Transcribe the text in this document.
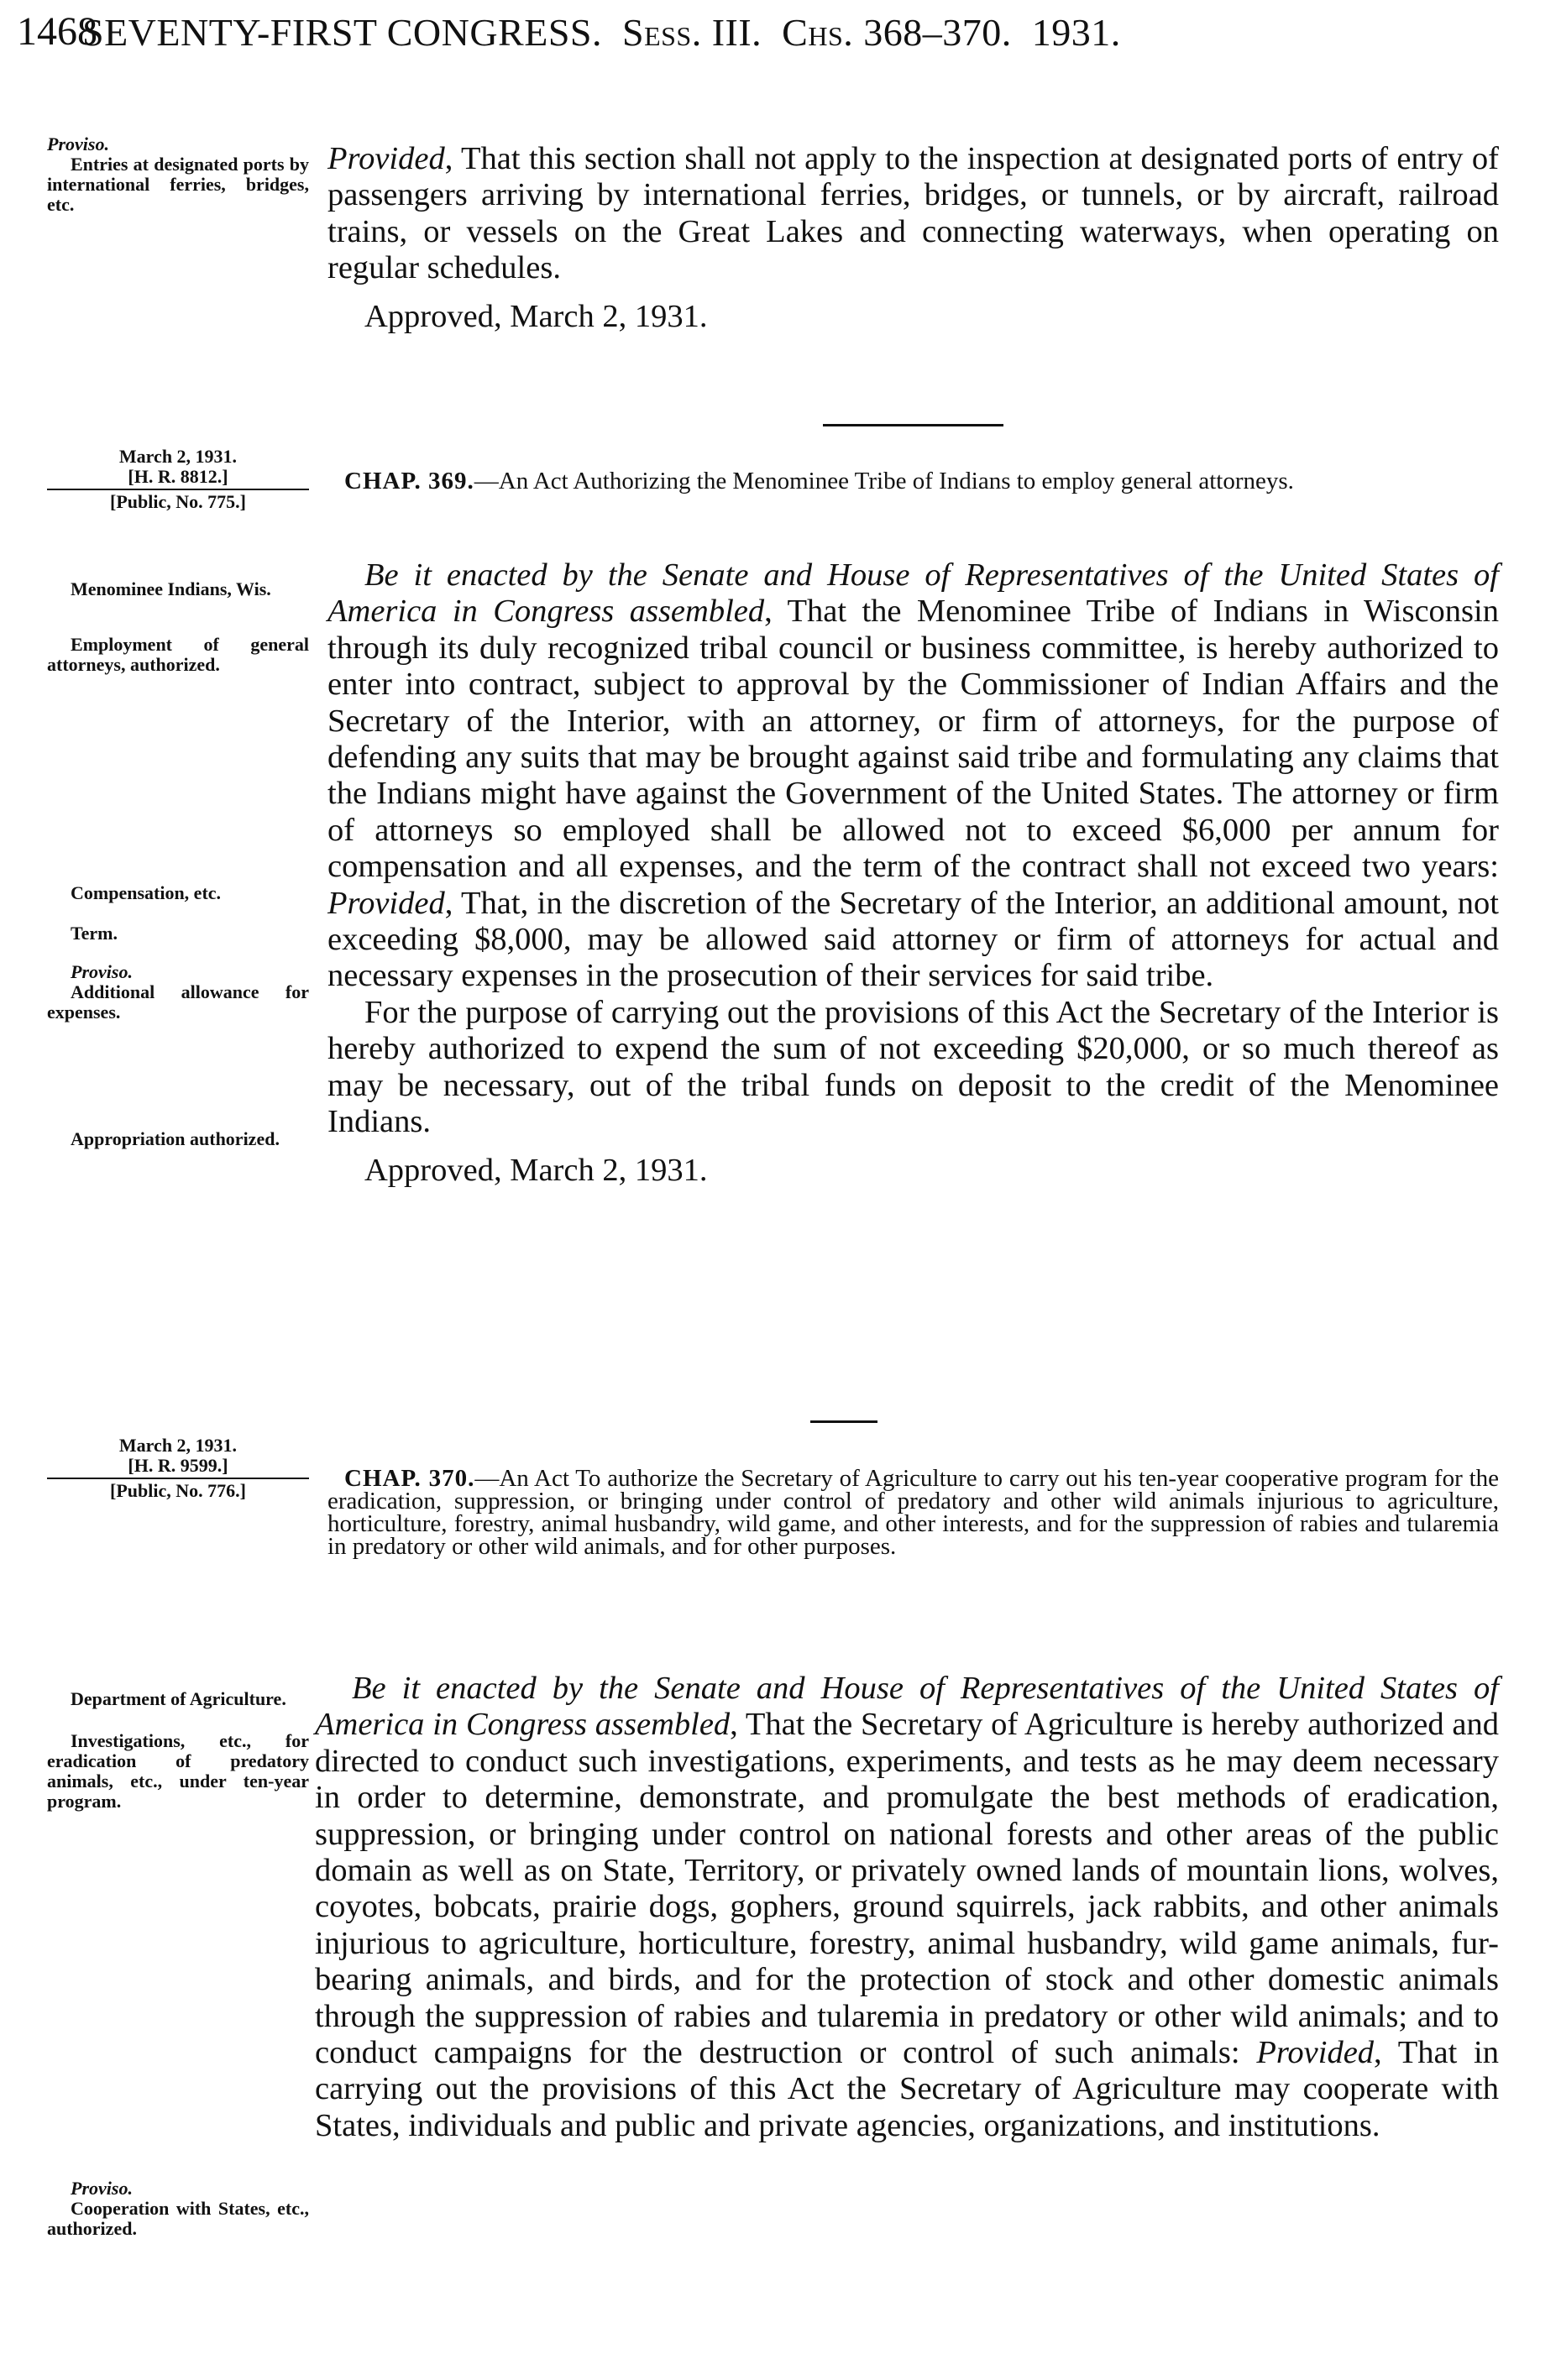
1468
SEVENTY-FIRST CONGRESS. Sess. III. Chs. 368–370. 1931.
Proviso.
Entries at designated ports by international ferries, bridges, etc.

Provided, That this section shall not apply to the inspection at designated ports of entry of passengers arriving by international ferries, bridges, or tunnels, or by aircraft, railroad trains, or vessels on the Great Lakes and connecting waterways, when operating on regular schedules.

Approved, March 2, 1931.

March 2, 1931.
[H. R. 8812.]
[Public, No. 775.]
CHAP. 369.—An Act Authorizing the Menominee Tribe of Indians to employ general attorneys.
Menominee Indians, Wis.
Employment of general attorneys, authorized.
Compensation, etc.
Term.
Proviso.
Additional allowance for expenses.
Appropriation authorized.

Be it enacted by the Senate and House of Representatives of the United States of America in Congress assembled, That the Menominee Tribe of Indians in Wisconsin through its duly recognized tribal council or business committee, is hereby authorized to enter into contract, subject to approval by the Commissioner of Indian Affairs and the Secretary of the Interior, with an attorney, or firm of attorneys, for the purpose of defending any suits that may be brought against said tribe and formulating any claims that the Indians might have against the Government of the United States. The attorney or firm of attorneys so employed shall be allowed not to exceed $6,000 per annum for compensation and all expenses, and the term of the contract shall not exceed two years: Provided, That, in the discretion of the Secretary of the Interior, an additional amount, not exceeding $8,000, may be allowed said attorney or firm of attorneys for actual and necessary expenses in the prosecution of their services for said tribe.

For the purpose of carrying out the provisions of this Act the Secretary of the Interior is hereby authorized to expend the sum of not exceeding $20,000, or so much thereof as may be necessary, out of the tribal funds on deposit to the credit of the Menominee Indians.

Approved, March 2, 1931.

March 2, 1931.
[H. R. 9599.]
[Public, No. 776.]	CHAP. 370.—An Act To authorize the Secretary of Agriculture to carry out his ten-year cooperative program for the eradication, suppression, or bringing under control of predatory and other wild animals injurious to agriculture, horticulture, forestry, animal husbandry, wild game, and other interests, and for the suppression of rabies and tularemia in predatory or other wild animals, and for other purposes.
Department of Agriculture.
Investigations, etc., for eradication of predatory animals, etc., under ten-year program.
Proviso.
Cooperation with States, etc., authorized.

Be it enacted by the Senate and House of Representatives of the United States of America in Congress assembled, That the Secretary of Agriculture is hereby authorized and directed to conduct such investigations, experiments, and tests as he may deem necessary in order to determine, demonstrate, and promulgate the best methods of eradication, suppression, or bringing under control on national forests and other areas of the public domain as well as on State, Territory, or privately owned lands of mountain lions, wolves, coyotes, bobcats, prairie dogs, gophers, ground squirrels, jack rabbits, and other animals injurious to agriculture, horticulture, forestry, animal husbandry, wild game animals, fur-bearing animals, and birds, and for the protection of stock and other domestic animals through the suppression of rabies and tularemia in predatory or other wild animals; and to conduct campaigns for the destruction or control of such animals: Provided, That in carrying out the provisions of this Act the Secretary of Agriculture may cooperate with States, individuals and public and private agencies, organizations, and institutions.
